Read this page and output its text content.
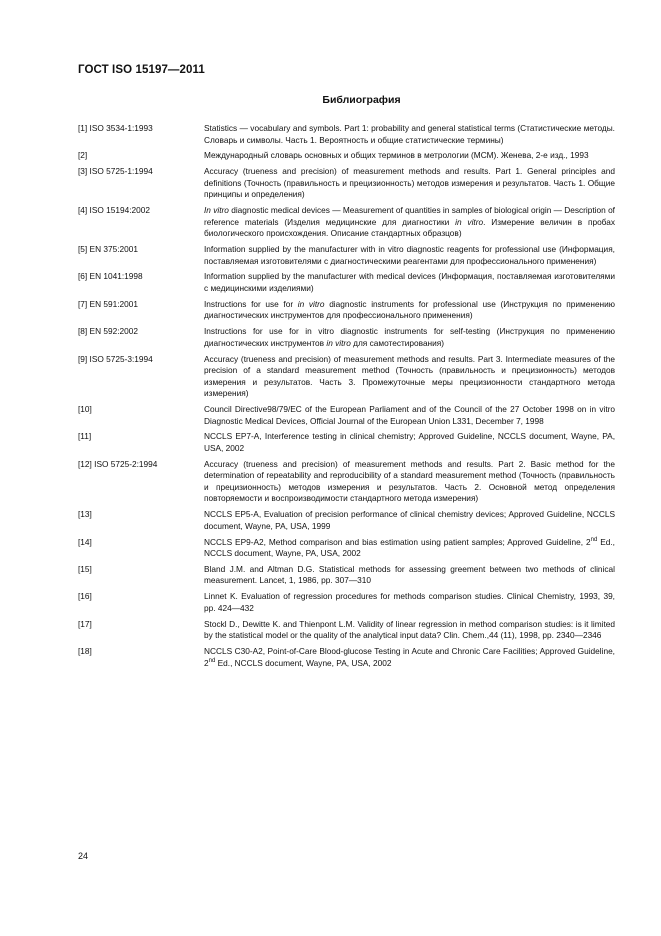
ГОСТ ISO 15197—2011
Библиография
[1] ISO 3534-1:1993	Statistics — vocabulary and symbols. Part 1: probability and general statistical terms (Статистические методы. Словарь и символы. Часть 1. Вероятность и общие статистические термины)
[2]	Международный словарь основных и общих терминов в метрологии (МСМ). Женева, 2-е изд., 1993
[3] ISO 5725-1:1994	Accuracy (trueness and precision) of measurement methods and results. Part 1. General principles and definitions (Точность (правильность и прецизионность) методов измерения и результатов. Часть 1. Общие принципы и определения)
[4] ISO 15194:2002	In vitro diagnostic medical devices — Measurement of quantities in samples of biological origin — Description of reference materials (Изделия медицинские для диагностики in vitro. Измерение величин в пробах биологического происхождения. Описание стандартных образцов)
[5] EN 375:2001	Information supplied by the manufacturer with in vitro diagnostic reagents for professional use (Информация, поставляемая изготовителями с диагностическими реагентами для профессионального применения)
[6] EN 1041:1998	Information supplied by the manufacturer with medical devices (Информация, поставляемая изготовителями с медицинскими изделиями)
[7] EN 591:2001	Instructions for use for in vitro diagnostic instruments for professional use (Инструкция по применению диагностических инструментов для профессионального применения)
[8] EN 592:2002	Instructions for use for in vitro diagnostic instruments for self-testing (Инструкция по применению диагностических инструментов in vitro для самотестирования)
[9] ISO 5725-3:1994	Accuracy (trueness and precision) of measurement methods and results. Part 3. Intermediate measures of the precision of a standard measurement method (Точность (правильность и прецизионность) методов измерения и результатов. Часть 3. Промежуточные меры прецизионности стандартного метода измерения)
[10]	Council Directive98/79/EC of the European Parliament and of the Council of the 27 October 1998 on in vitro Diagnostic Medical Devices, Official Journal of the European Union L331, December 7, 1998
[11]	NCCLS EP7-A, Interference testing in clinical chemistry; Approved Guideline, NCCLS document, Wayne, PA, USA, 2002
[12] ISO 5725-2:1994	Accuracy (trueness and precision) of measurement methods and results. Part 2. Basic method for the determination of repeatability and reproducibility of a standard measurement method (Точность (правильность и прецизионность) методов измерения и результатов. Часть 2. Основной метод определения повторяемости и воспроизводимости стандартного метода измерения)
[13]	NCCLS EP5-A, Evaluation of precision performance of clinical chemistry devices; Approved Guideline, NCCLS document, Wayne, PA, USA, 1999
[14]	NCCLS EP9-A2, Method comparison and bias estimation using patient samples; Approved Guideline, 2nd Ed., NCCLS document, Wayne, PA, USA, 2002
[15]	Bland J.M. and Altman D.G. Statistical methods for assessing greement between two methods of clinical measurement. Lancet, 1, 1986, pp. 307—310
[16]	Linnet K. Evaluation of regression procedures for methods comparison studies. Clinical Chemistry, 1993, 39, pp. 424—432
[17]	Stockl D., Dewitte K. and Thienpont L.M. Validity of linear regression in method comparison studies: is it limited by the statistical model or the quality of the analytical input data? Clin. Chem.,44 (11), 1998, pp. 2340—2346
[18]	NCCLS C30-A2, Point-of-Care Blood-glucose Testing in Acute and Chronic Care Facilities; Approved Guideline, 2nd Ed., NCCLS document, Wayne, PA, USA, 2002
24
